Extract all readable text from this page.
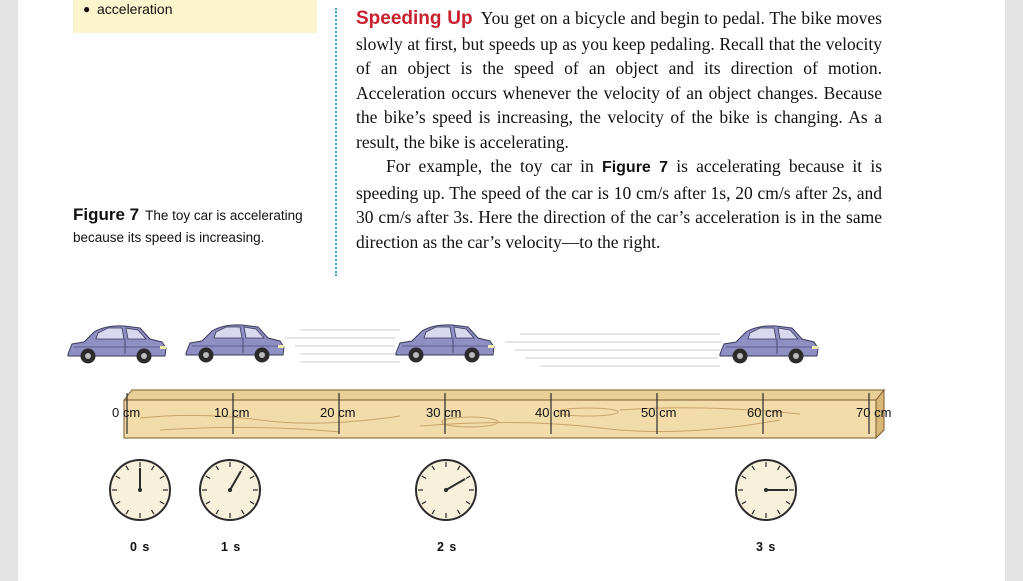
● acceleration
Figure 7 The toy car is accelerating because its speed is increasing.

Speeding Up You get on a bicycle and begin to pedal. The bike moves slowly at first, but speeds up as you keep pedaling. Recall that the velocity of an object is the speed of an object and its direction of motion. Acceleration occurs whenever the velocity of an object changes. Because the bike’s speed is increasing, the velocity of the bike is changing. As a result, the bike is accelerating.

For example, the toy car in Figure 7 is accelerating because it is speeding up. The speed of the car is 10 cm/s after 1s, 20 cm/s after 2s, and 30 cm/s after 3s. Here the direction of the car’s acceleration is in the same direction as the car’s velocity—to the right.

0 cm	10 cm	20 cm	30 cm	40 cm	50 cm	60 cm	70 cm
0 s	1 s	2 s	3 s
